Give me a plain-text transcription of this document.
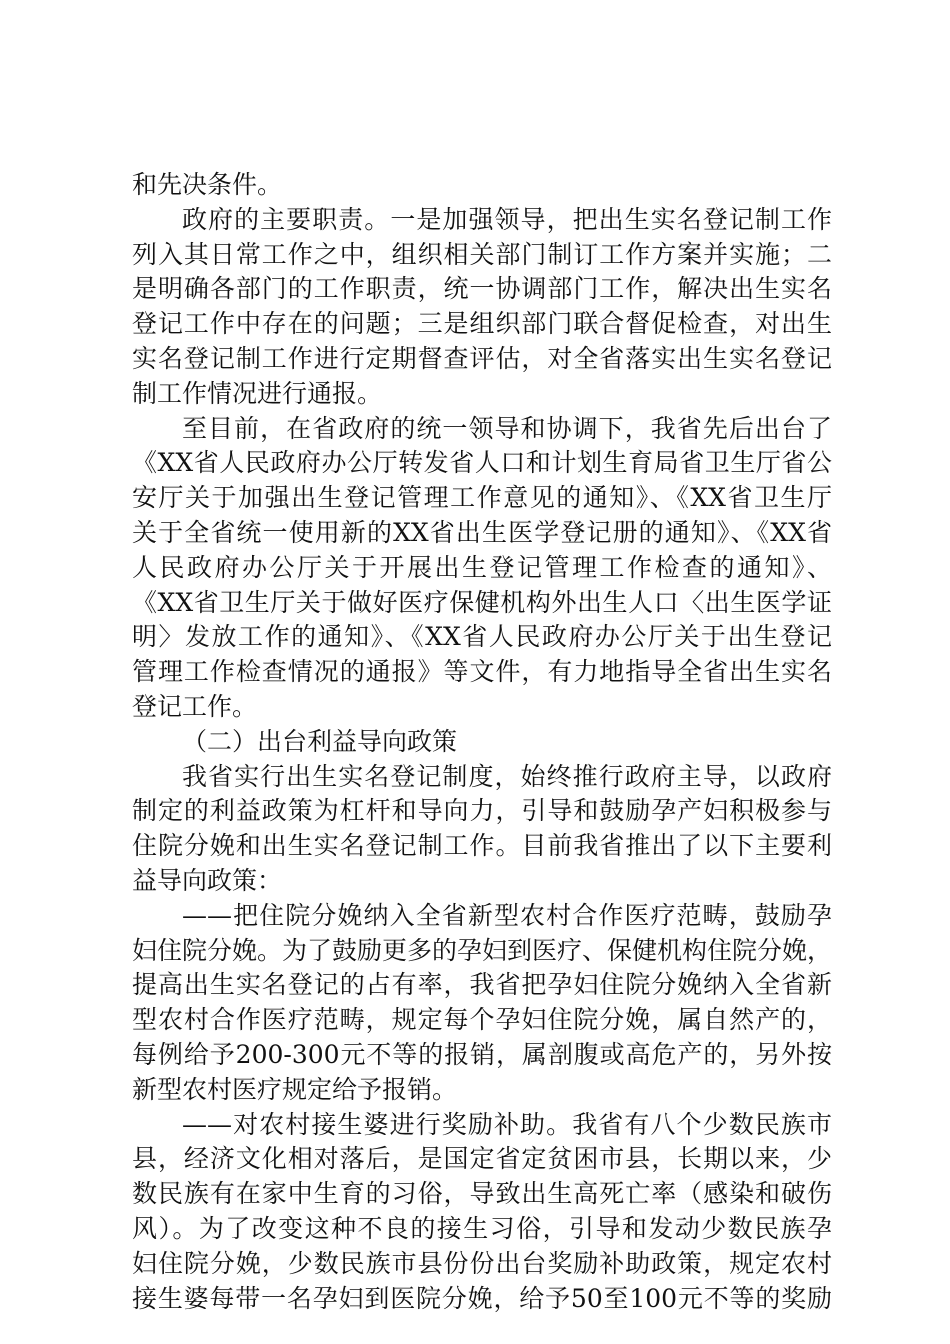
和先决条件。
政府的主要职责。一是加强领导，把出生实名登记制工作
列入其日常工作之中，组织相关部门制订工作方案并实施；二
是明确各部门的工作职责，统一协调部门工作，解决出生实名
登记工作中存在的问题；三是组织部门联合督促检查，对出生
实名登记制工作进行定期督查评估，对全省落实出生实名登记
制工作情况进行通报。
至目前，在省政府的统一领导和协调下，我省先后出台了
《XX省人民政府办公厅转发省人口和计划生育局省卫生厅省公
安厅关于加强出生登记管理工作意见的通知》、《XX省卫生厅
关于全省统一使用新的XX省出生医学登记册的通知》、《XX省
人民政府办公厅关于开展出生登记管理工作检查的通知》、
《XX省卫生厅关于做好医疗保健机构外出生人口〈出生医学证
明〉发放工作的通知》、《XX省人民政府办公厅关于出生登记
管理工作检查情况的通报》等文件，有力地指导全省出生实名
登记工作。
（二）出台利益导向政策
我省实行出生实名登记制度，始终推行政府主导，以政府
制定的利益政策为杠杆和导向力，引导和鼓励孕产妇积极参与
住院分娩和出生实名登记制工作。目前我省推出了以下主要利
益导向政策：
——把住院分娩纳入全省新型农村合作医疗范畴，鼓励孕
妇住院分娩。为了鼓励更多的孕妇到医疗、保健机构住院分娩，
提高出生实名登记的占有率，我省把孕妇住院分娩纳入全省新
型农村合作医疗范畴，规定每个孕妇住院分娩，属自然产的，
每例给予200-300元不等的报销，属剖腹或高危产的，另外按
新型农村医疗规定给予报销。
——对农村接生婆进行奖励补助。我省有八个少数民族市
县，经济文化相对落后，是国定省定贫困市县，长期以来，少
数民族有在家中生育的习俗，导致出生高死亡率（感染和破伤
风）。为了改变这种不良的接生习俗，引导和发动少数民族孕
妇住院分娩，少数民族市县份份出台奖励补助政策，规定农村
接生婆每带一名孕妇到医院分娩，给予50至100元不等的奖励
